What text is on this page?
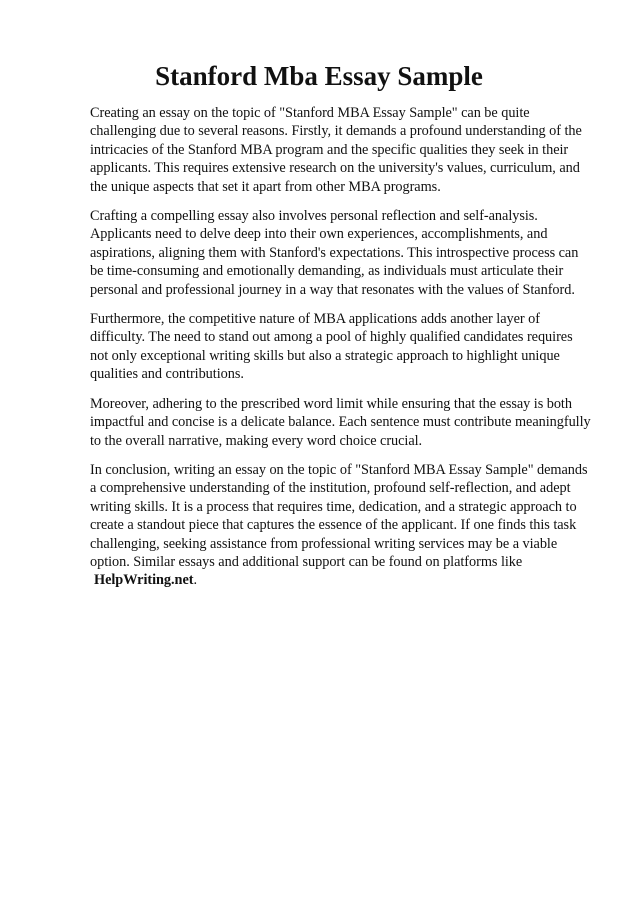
Stanford Mba Essay Sample

Creating an essay on the topic of "Stanford MBA Essay Sample" can be quite challenging due to several reasons. Firstly, it demands a profound understanding of the intricacies of the Stanford MBA program and the specific qualities they seek in their applicants. This requires extensive research on the university's values, curriculum, and the unique aspects that set it apart from other MBA programs.

Crafting a compelling essay also involves personal reflection and self-analysis. Applicants need to delve deep into their own experiences, accomplishments, and aspirations, aligning them with Stanford's expectations. This introspective process can be time-consuming and emotionally demanding, as individuals must articulate their personal and professional journey in a way that resonates with the values of Stanford.

Furthermore, the competitive nature of MBA applications adds another layer of difficulty. The need to stand out among a pool of highly qualified candidates requires not only exceptional writing skills but also a strategic approach to highlight unique qualities and contributions.

Moreover, adhering to the prescribed word limit while ensuring that the essay is both impactful and concise is a delicate balance. Each sentence must contribute meaningfully to the overall narrative, making every word choice crucial.

In conclusion, writing an essay on the topic of "Stanford MBA Essay Sample" demands a comprehensive understanding of the institution, profound self-reflection, and adept writing skills. It is a process that requires time, dedication, and a strategic approach to create a standout piece that captures the essence of the applicant. If one finds this task challenging, seeking assistance from professional writing services may be a viable option. Similar essays and additional support can be found on platforms like HelpWriting.net.
